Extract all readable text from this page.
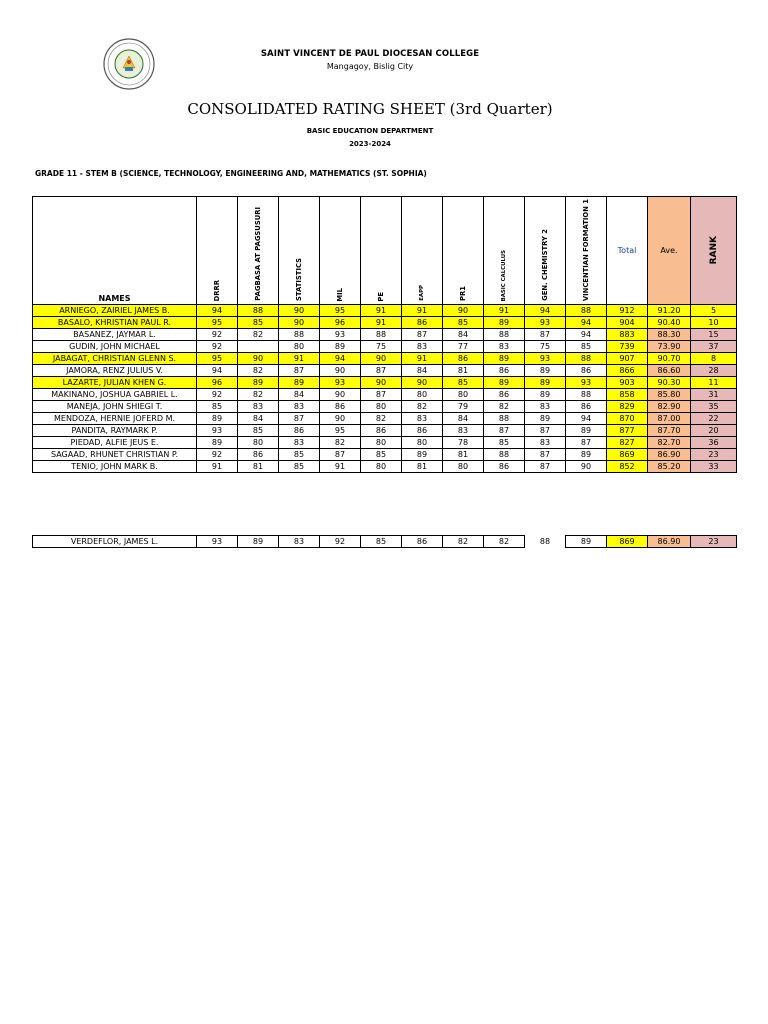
SAINT VINCENT DE PAUL DIOCESAN COLLEGE
Mangagoy, Bislig City
CONSOLIDATED RATING SHEET (3rd Quarter)
BASIC EDUCATION DEPARTMENT
2023-2024
GRADE 11 - STEM B (SCIENCE, TECHNOLOGY, ENGINEERING AND, MATHEMATICS (ST. SOPHIA)
NAMES	DRRR	PAGBASA AT PAGSUSURI	STATISTICS	MIL	PE	EAPP	PR1	BASIC CALCULUS	GEN. CHEMISTRY 2	VINCENTIAN FORMATION 1	Total	Ave.	RANK
ARNIEGO, ZAIRIEL JAMES B.	94	88	90	95	91	91	90	91	94	88	912	91.20	5
BASALO, KHRISTIAN PAUL R.	95	85	90	96	91	86	85	89	93	94	904	90.40	10
BASANEZ, JAYMAR L.	92	82	88	93	88	87	84	88	87	94	883	88.30	15
GUDIN, JOHN MICHAEL	92		80	89	75	83	77	83	75	85	739	73.90	37
JABAGAT, CHRISTIAN GLENN S.	95	90	91	94	90	91	86	89	93	88	907	90.70	8
JAMORA, RENZ JULIUS V.	94	82	87	90	87	84	81	86	89	86	866	86.60	28
LAZARTE, JULIAN KHEN G.	96	89	89	93	90	90	85	89	89	93	903	90.30	11
MAKINANO, JOSHUA GABRIEL L.	92	82	84	90	87	80	80	86	89	88	858	85.80	31
MANEJA, JOHN SHIEGI T.	85	83	83	86	80	82	79	82	83	86	829	82.90	35
MENDOZA, HERNIE JOFERD M.	89	84	87	90	82	83	84	88	89	94	870	87.00	22
PANDITA, RAYMARK P.	93	85	86	95	86	86	83	87	87	89	877	87.70	20
PIEDAD, ALFIE JEUS E.	89	80	83	82	80	80	78	85	83	87	827	82.70	36
SAGAAD, RHUNET CHRISTIAN P.	92	86	85	87	85	89	81	88	87	89	869	86.90	23
TENIO, JOHN MARK B.	91	81	85	91	80	81	80	86	87	90	852	85.20	33
VERDEFLOR, JAMES L.	93	89	83	92	85	86	82	82	88	89	869	86.90	23
